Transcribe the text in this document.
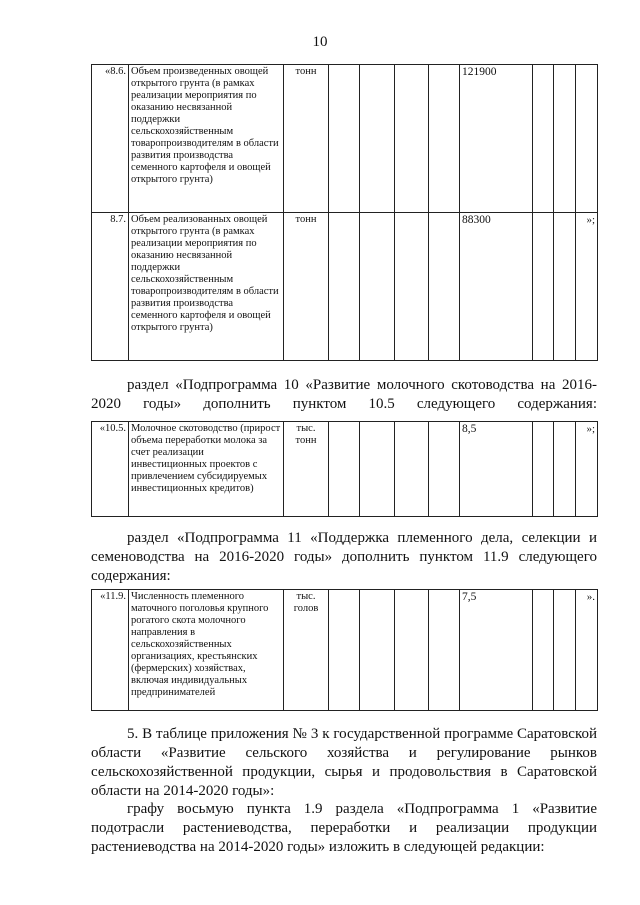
10
«8.6.	Объем произведенных овощей открытого грунта (в рамках реализации мероприятия по оказанию несвязанной поддержки сельскохозяйственным товаропроизводителям в области развития производства семенного картофеля и овощей открытого грунта)	тонн					121900			
8.7.	Объем реализованных овощей открытого грунта (в рамках реализации мероприятия по оказанию несвязанной поддержки сельскохозяйственным товаропроизводителям в области развития производства семенного картофеля и овощей открытого грунта)	тонн					88300			»;

раздел «Подпрограмма 10 «Развитие молочного скотоводства на 2016-2020 годы» дополнить пунктом 10.5 следующего содержания:

«10.5.	Молочное скотоводство (прирост объема переработки молока за счет реализации инвестиционных проектов с привлечением субсидируемых инвестиционных кредитов)	тыс. тонн					8,5			»;

раздел «Подпрограмма 11 «Поддержка племенного дела, селекции и семеноводства на 2016-2020 годы» дополнить пунктом 11.9 следующего содержания:

«11.9.	Численность племенного маточного поголовья крупного рогатого скота молочного направления в сельскохозяйственных организациях, крестьянских (фермерских) хозяйствах, включая индивидуальных предпринимателей	тыс. голов					7,5			».

5. В таблице приложения № 3 к государственной программе Саратовской области «Развитие сельского хозяйства и регулирование рынков сельскохозяйственной продукции, сырья и продовольствия в Саратовской области на 2014-2020 годы»:

графу восьмую пункта 1.9 раздела «Подпрограмма 1 «Развитие подотрасли растениеводства, переработки и реализации продукции растениеводства на 2014-2020 годы» изложить в следующей редакции:
